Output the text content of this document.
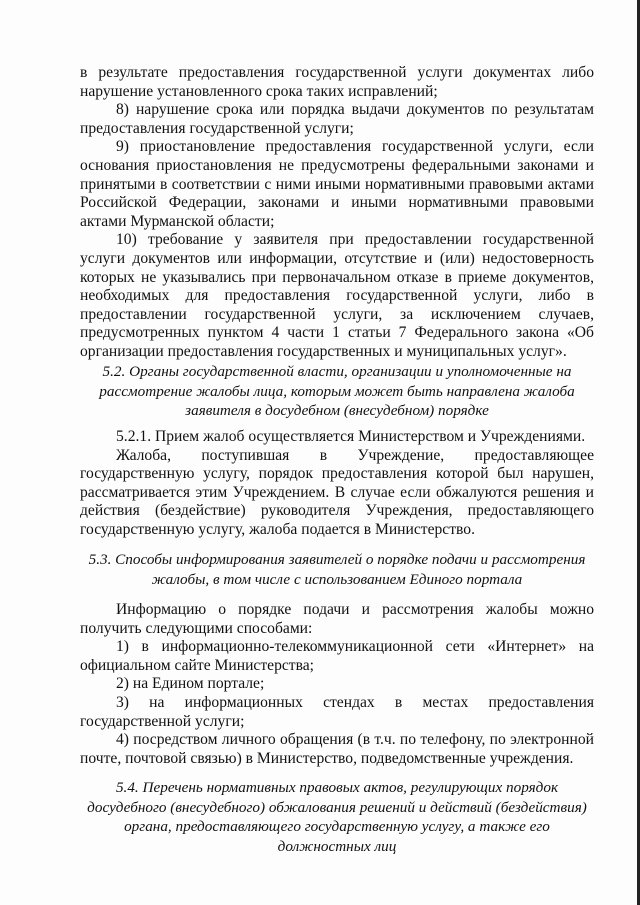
в результате предоставления государственной услуги документах либо нарушение установленного срока таких исправлений;

8) нарушение срока или порядка выдачи документов по результатам предоставления государственной услуги;

9) приостановление предоставления государственной услуги, если основания приостановления не предусмотрены федеральными законами и принятыми в соответствии с ними иными нормативными правовыми актами Российской Федерации, законами и иными нормативными правовыми актами Мурманской области;

10) требование у заявителя при предоставлении государственной услуги документов или информации, отсутствие и (или) недостоверность которых не указывались при первоначальном отказе в приеме документов, необходимых для предоставления государственной услуги, либо в предоставлении государственной услуги, за исключением случаев, предусмотренных пунктом 4 части 1 статьи 7 Федерального закона «Об организации предоставления государственных и муниципальных услуг».

5.2. Органы государственной власти, организации и уполномоченные на рассмотрение жалобы лица, которым может быть направлена жалоба заявителя в досудебном (внесудебном) порядке

5.2.1. Прием жалоб осуществляется Министерством и Учреждениями.

Жалоба, поступившая в Учреждение, предоставляющее государственную услугу, порядок предоставления которой был нарушен, рассматривается этим Учреждением. В случае если обжалуются решения и действия (бездействие) руководителя Учреждения, предоставляющего государственную услугу, жалоба подается в Министерство.

5.3. Способы информирования заявителей о порядке подачи и рассмотрения жалобы, в том числе с использованием Единого портала

Информацию о порядке подачи и рассмотрения жалобы можно получить следующими способами:

1) в информационно-телекоммуникационной сети «Интернет» на официальном сайте Министерства;

2) на Едином портале;

3) на информационных стендах в местах предоставления государственной услуги;

4) посредством личного обращения (в т.ч. по телефону, по электронной почте, почтовой связью) в Министерство, подведомственные учреждения.

5.4. Перечень нормативных правовых актов, регулирующих порядок досудебного (внесудебного) обжалования решений и действий (бездействия) органа, предоставляющего государственную услугу, а также его должностных лиц
